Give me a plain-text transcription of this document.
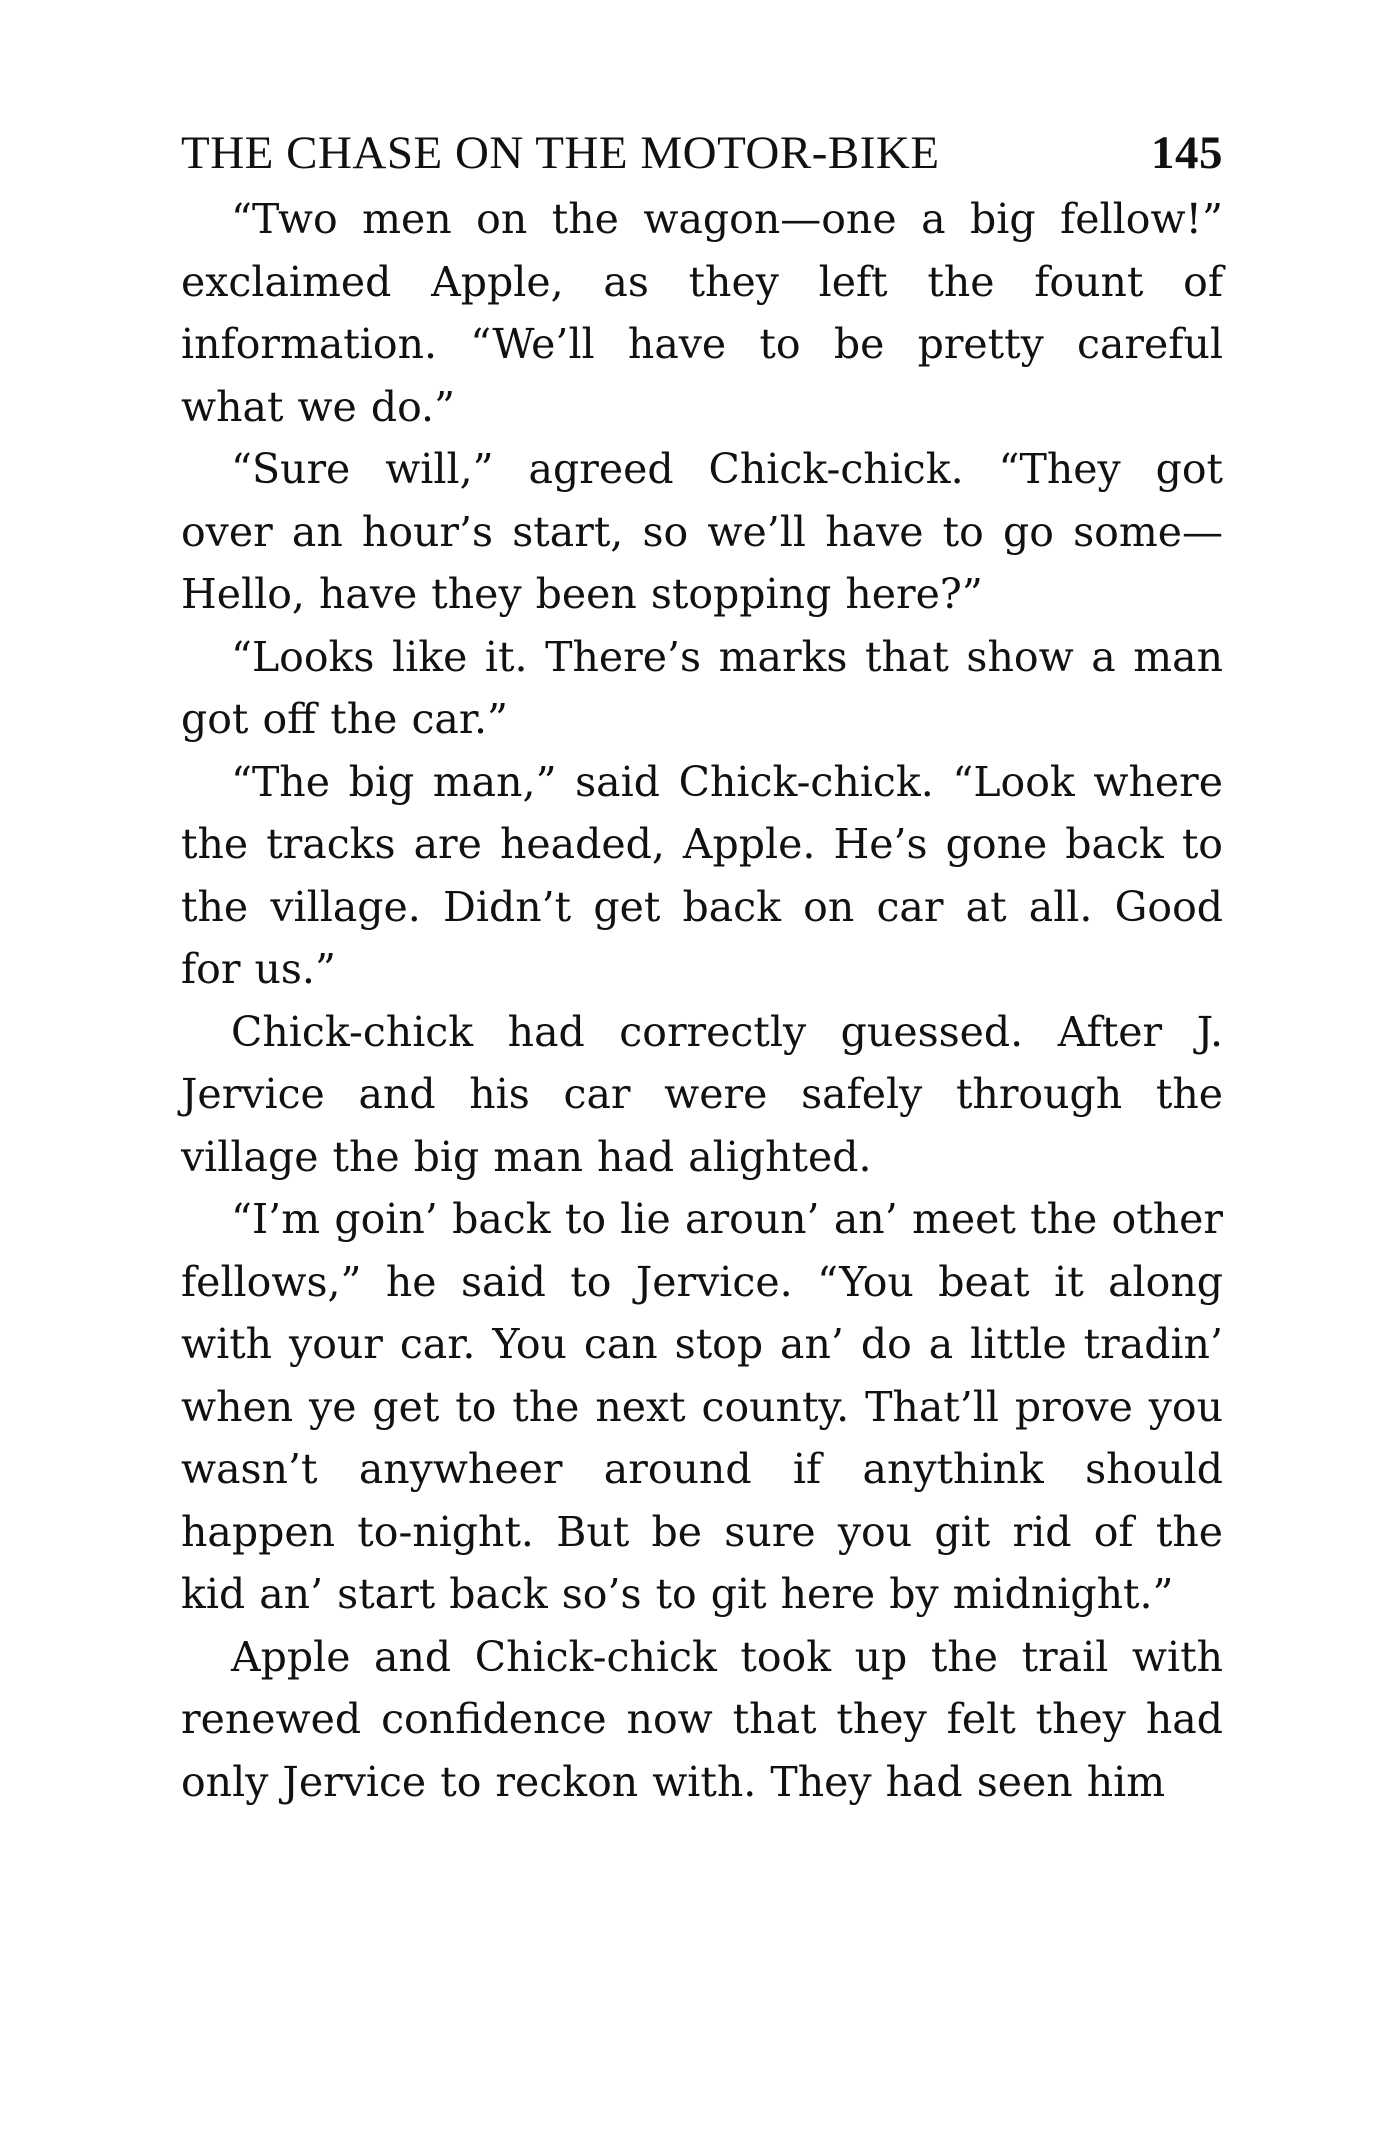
THE CHASE ON THE MOTOR-BIKE	145

“Two men on the wagon—one a big fellow!” exclaimed Apple, as they left the fount of information. “We’ll have to be pretty careful what we do.”

“Sure will,” agreed Chick-chick. “They got over an hour’s start, so we’ll have to go some— Hello, have they been stopping here?”

“Looks like it. There’s marks that show a man got off the car.”

“The big man,” said Chick-chick. “Look where the tracks are headed, Apple. He’s gone back to the village. Didn’t get back on car at all. Good for us.”

Chick-chick had correctly guessed. After J. Jervice and his car were safely through the village the big man had alighted.

“I’m goin’ back to lie aroun’ an’ meet the other fellows,” he said to Jervice. “You beat it along with your car. You can stop an’ do a little tradin’ when ye get to the next county. That’ll prove you wasn’t anywheer around if anythink should happen to-night. But be sure you git rid of the kid an’ start back so’s to git here by midnight.”

Apple and Chick-chick took up the trail with renewed confidence now that they felt they had only Jervice to reckon with. They had seen him
